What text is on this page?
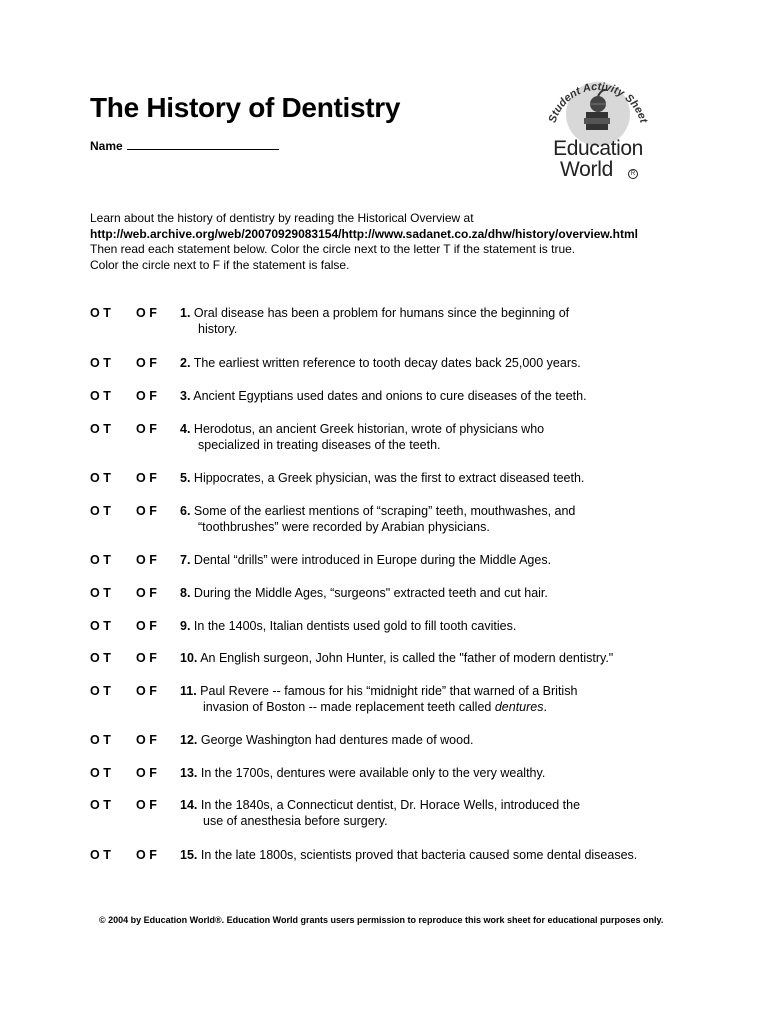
The History of Dentistry
Name
Student Activity Sheet
Education
World	R
Learn about the history of dentistry by reading the Historical Overview at
http://web.archive.org/web/20070929083154/http://www.sadanet.co.za/dhw/history/overview.html
Then read each statement below. Color the circle next to the letter T if the statement is true.
Color the circle next to F if the statement is false.
O T O F 1. Oral disease has been a problem for humans since the beginning of
history.
O T O F 2. The earliest written reference to tooth decay dates back 25,000 years.
O T O F 3. Ancient Egyptians used dates and onions to cure diseases of the teeth.
O T O F 4. Herodotus, an ancient Greek historian, wrote of physicians who
specialized in treating diseases of the teeth.
O T O F 5. Hippocrates, a Greek physician, was the first to extract diseased teeth.
O T O F 6. Some of the earliest mentions of “scraping” teeth, mouthwashes, and
“toothbrushes” were recorded by Arabian physicians.
O T O F 7. Dental “drills” were introduced in Europe during the Middle Ages.
O T O F 8. During the Middle Ages, “surgeons" extracted teeth and cut hair.
O T O F 9. In the 1400s, Italian dentists used gold to fill tooth cavities.
O T O F 10. An English surgeon, John Hunter, is called the "father of modern dentistry."
O T O F 11. Paul Revere -- famous for his “midnight ride” that warned of a British
invasion of Boston -- made replacement teeth called dentures.
O T O F 12. George Washington had dentures made of wood.
O T O F 13. In the 1700s, dentures were available only to the very wealthy.
O T O F 14. In the 1840s, a Connecticut dentist, Dr. Horace Wells, introduced the
use of anesthesia before surgery.
O T O F 15. In the late 1800s, scientists proved that bacteria caused some dental diseases.
© 2004 by Education World®. Education World grants users permission to reproduce this work sheet for educational purposes only.
